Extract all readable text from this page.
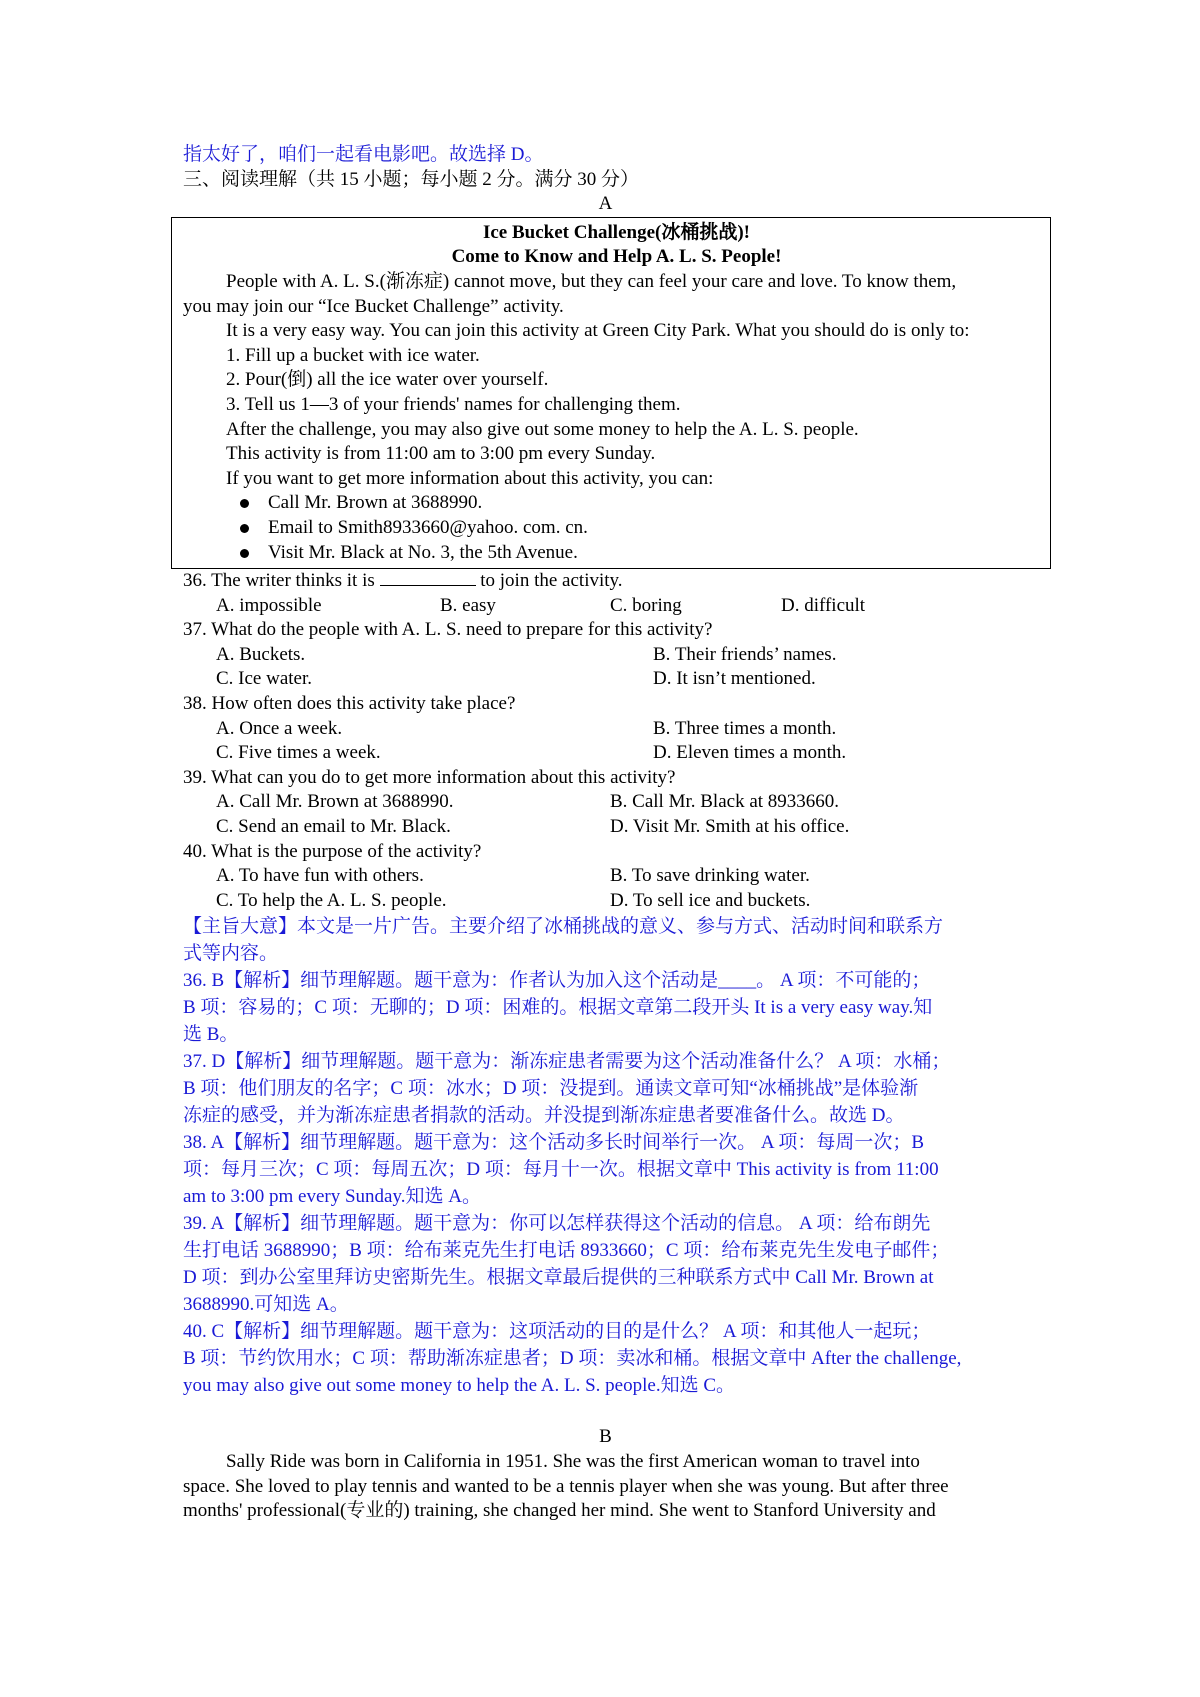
指太好了，咱们一起看电影吧。故选择 D。
三、阅读理解（共 15 小题；每小题 2 分。满分 30 分）
A
Ice Bucket Challenge(冰桶挑战)!
Come to Know and Help A. L. S. People!
People with A. L. S.(渐冻症) cannot move, but they can feel your care and love. To know them,
you may join our “Ice Bucket Challenge” activity.
It is a very easy way. You can join this activity at Green City Park. What you should do is only to:
1. Fill up a bucket with ice water.
2. Pour(倒) all the ice water over yourself.
3. Tell us 1—3 of your friends' names for challenging them.
After the challenge, you may also give out some money to help the A. L. S. people.
This activity is from 11:00 am to 3:00 pm every Sunday.
If you want to get more information about this activity, you can:
Call Mr. Brown at 3688990.
Email to Smith8933660@yahoo. com. cn.
Visit Mr. Black at No. 3, the 5th Avenue.
36. The writer thinks it is	to join the activity.
A. impossible	B. easy	C. boring	D. difficult
37. What do the people with A. L. S. need to prepare for this activity?
A. Buckets.	B. Their friends’ names.
C. Ice water.	D. It isn’t mentioned.
38. How often does this activity take place?
A. Once a week.	B. Three times a month.
C. Five times a week.	D. Eleven times a month.
39. What can you do to get more information about this activity?
A. Call Mr. Brown at 3688990.	B. Call Mr. Black at 8933660.
C. Send an email to Mr. Black.	D. Visit Mr. Smith at his office.
40. What is the purpose of the activity?
A. To have fun with others.	B. To save drinking water.
C. To help the A. L. S. people.	D. To sell ice and buckets.
【主旨大意】本文是一片广告。主要介绍了冰桶挑战的意义、参与方式、活动时间和联系方
式等内容。
36. B【解析】细节理解题。题干意为：作者认为加入这个活动是____。 A 项：不可能的；
B 项：容易的；C 项：无聊的；D 项：困难的。根据文章第二段开头 It is a very easy way.知
选 B。
37. D【解析】细节理解题。题干意为：渐冻症患者需要为这个活动准备什么？ A 项：水桶；
B 项：他们朋友的名字；C 项：冰水；D 项：没提到。通读文章可知“冰桶挑战”是体验渐
冻症的感受，并为渐冻症患者捐款的活动。并没提到渐冻症患者要准备什么。故选 D。
38. A【解析】细节理解题。题干意为：这个活动多长时间举行一次。 A 项：每周一次；B
项：每月三次；C 项：每周五次；D 项：每月十一次。根据文章中 This activity is from 11:00
am to 3:00 pm every Sunday.知选 A。
39. A【解析】细节理解题。题干意为：你可以怎样获得这个活动的信息。 A 项：给布朗先
生打电话 3688990；B 项：给布莱克先生打电话 8933660；C 项：给布莱克先生发电子邮件；
D 项：到办公室里拜访史密斯先生。根据文章最后提供的三种联系方式中 Call Mr. Brown at
3688990.可知选 A。
40. C【解析】细节理解题。题干意为：这项活动的目的是什么？ A 项：和其他人一起玩；
B 项：节约饮用水；C 项：帮助渐冻症患者；D 项：卖冰和桶。根据文章中 After the challenge,
you may also give out some money to help the A. L. S. people.知选 C。
B
Sally Ride was born in California in 1951. She was the first American woman to travel into
space. She loved to play tennis and wanted to be a tennis player when she was young. But after three
months' professional(专业的) training, she changed her mind. She went to Stanford University and
